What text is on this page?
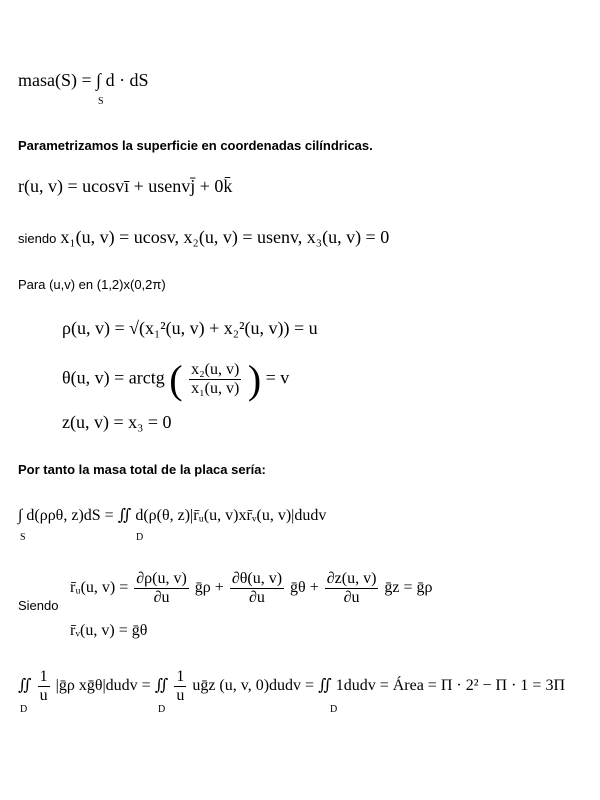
masa(S) = ∫ d · dS
S
Parametrizamos la superficie en coordenadas cilíndricas.
r(u, v) = ucosvī + usenvj̄ + 0k̄
siendo x₁(u, v) = ucosv, x₂(u, v) = usenv, x₃(u, v) = 0
Para (u,v) en (1,2)x(0,2π)
ρ(u, v) = √(x₁²(u, v) + x₂²(u, v)) = u
θ(u, v) = arctg ( $\frac{\text{x₂(u, v)}}{\text{x₁(u, v)}}$ ) = v
z(u, v) = x₃ = 0
Por tanto la masa total de la placa sería:
∫ d(ρρθ, z)dS = ∬ d(ρ(θ, z)|r̄ᵤ(u, v)xr̄ᵥ(u, v)|dudv
S	D
Siendo
r̄ᵤ(u, $v) = \frac{\partial\rho(u, v)}{\partial u}$ ḡρ + $\frac{\partial\theta(u, v)}{\partial u}$ ḡθ + $\frac{\partial z(u, v)}{\partial u}$ ḡz = ḡρ
r̄ᵥ(u, v) = ḡθ
∬ $\frac{1}{u}$ |ḡρ xḡθ|dudv = ∬ $\frac{1}{u}$ uḡz (u, v, 0)dudv = ∬ 1dudv = Área = Π · 2² − Π · 1 = 3Π
D	D	D
